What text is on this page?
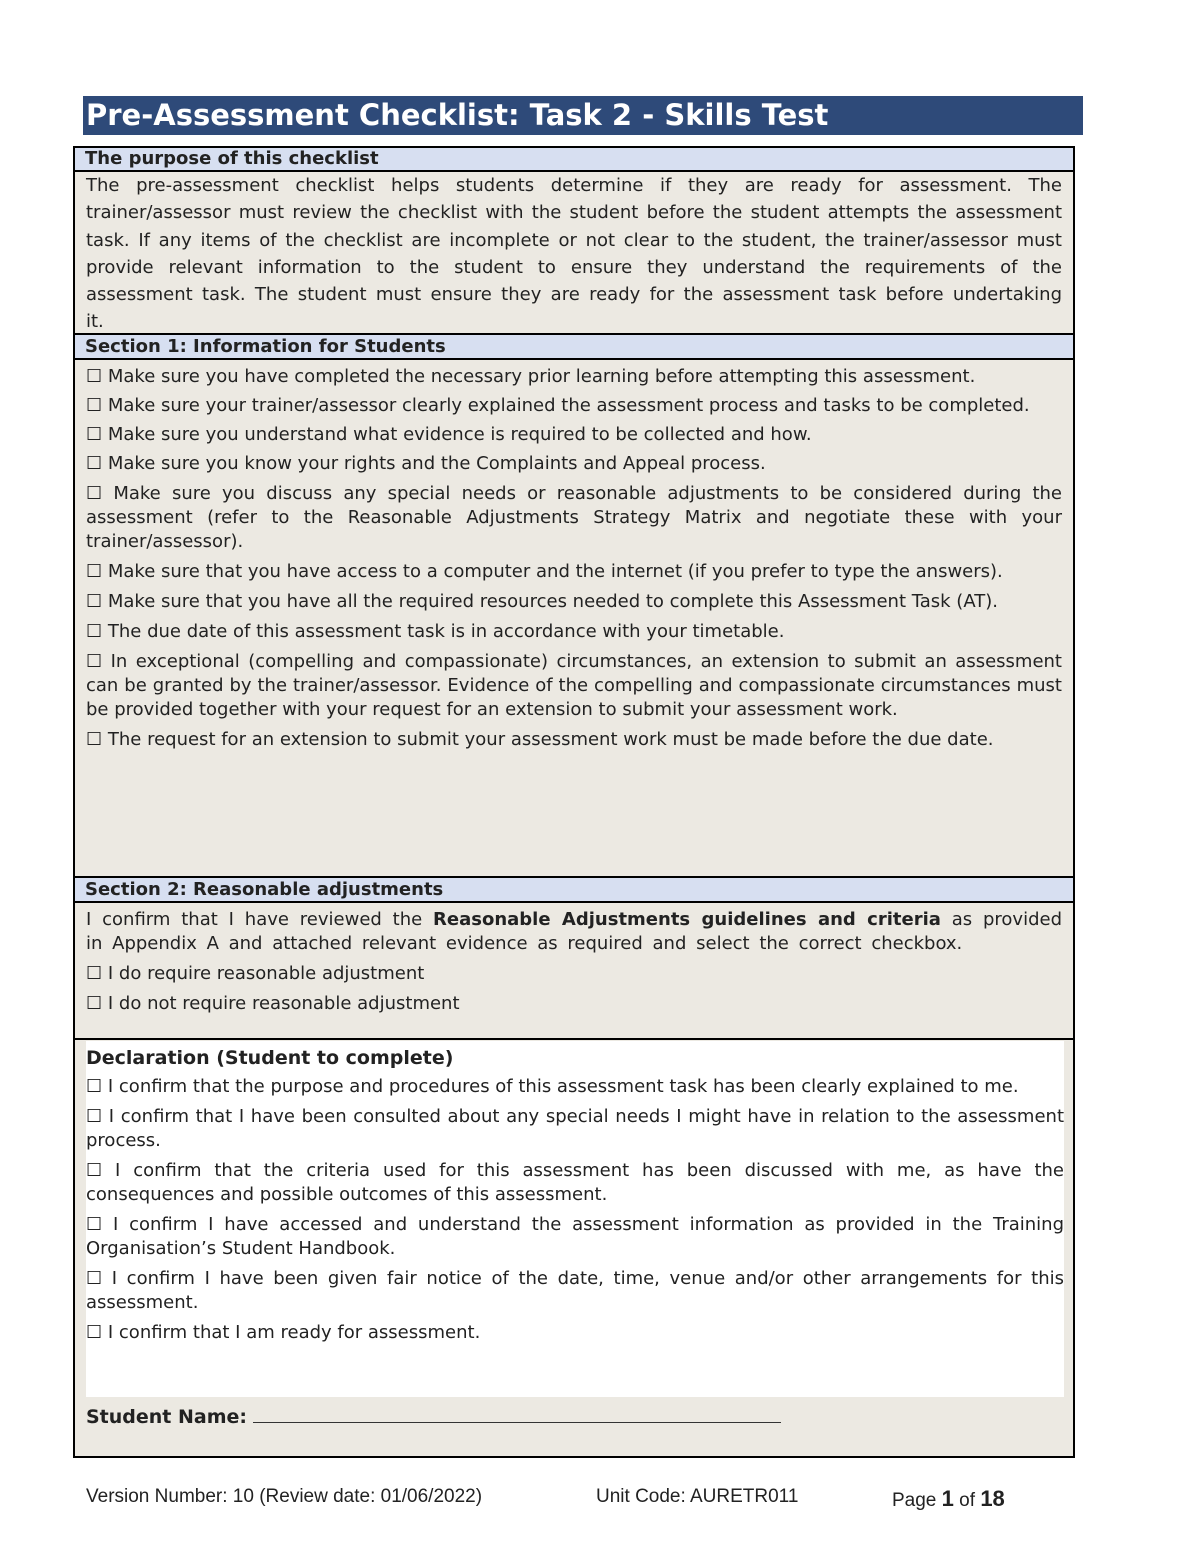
Pre-Assessment Checklist: Task 2 - Skills Test
The purpose of this checklist
The pre-assessment checklist helps students determine if they are ready for assessment. The trainer/assessor must review the checklist with the student before the student attempts the assessment task. If any items of the checklist are incomplete or not clear to the student, the trainer/assessor must provide relevant information to the student to ensure they understand the requirements of the assessment task. The student must ensure they are ready for the assessment task before undertaking it.
Section 1: Information for Students

☐ Make sure you have completed the necessary prior learning before attempting this assessment.

☐ Make sure your trainer/assessor clearly explained the assessment process and tasks to be completed.

☐ Make sure you understand what evidence is required to be collected and how.

☐ Make sure you know your rights and the Complaints and Appeal process.

☐ Make sure you discuss any special needs or reasonable adjustments to be considered during the assessment (refer to the Reasonable Adjustments Strategy Matrix and negotiate these with your trainer/assessor).

☐ Make sure that you have access to a computer and the internet (if you prefer to type the answers).

☐ Make sure that you have all the required resources needed to complete this Assessment Task (AT).

☐ The due date of this assessment task is in accordance with your timetable.

☐ In exceptional (compelling and compassionate) circumstances, an extension to submit an assessment can be granted by the trainer/assessor. Evidence of the compelling and compassionate circumstances must be provided together with your request for an extension to submit your assessment work.

☐ The request for an extension to submit your assessment work must be made before the due date.

Section 2: Reasonable adjustments

I confirm that I have reviewed the Reasonable Adjustments guidelines and criteria as provided in Appendix A and attached relevant evidence as required and select the correct checkbox.

☐ I do require reasonable adjustment

☐ I do not require reasonable adjustment

Declaration (Student to complete)

☐ I confirm that the purpose and procedures of this assessment task has been clearly explained to me.

☐ I confirm that I have been consulted about any special needs I might have in relation to the assessment process.

☐ I confirm that the criteria used for this assessment has been discussed with me, as have the consequences and possible outcomes of this assessment.

☐ I confirm I have accessed and understand the assessment information as provided in the Training Organisation’s Student Handbook.

☐ I confirm I have been given fair notice of the date, time, venue and/or other arrangements for this assessment.

☐ I confirm that I am ready for assessment.

Student Name:
Version Number: 10 (Review date: 01/06/2022)	Unit Code: AURETR011	Page 1 of 18
